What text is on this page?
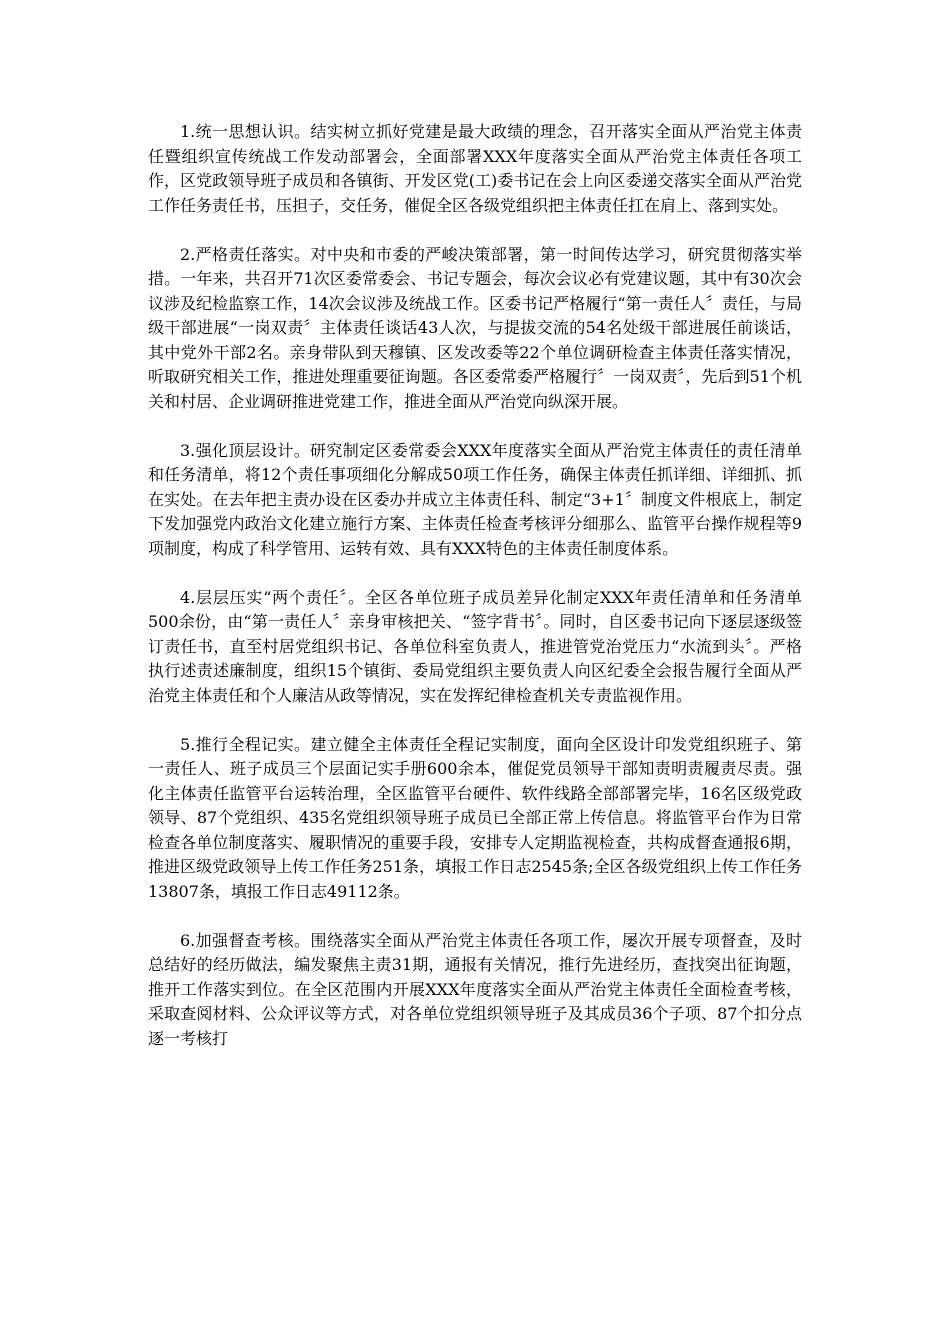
1.统一思想认识。结实树立抓好党建是最大政绩的理念，召开落实全面从严治党主体责任暨组织宣传统战工作发动部署会，全面部署XXX年度落实全面从严治党主体责任各项工作，区党政领导班子成员和各镇街、开发区党(工)委书记在会上向区委递交落实全面从严治党工作任务责任书，压担子，交任务，催促全区各级党组织把主体责任扛在肩上、落到实处。

2.严格责任落实。对中央和市委的严峻决策部署，第一时间传达学习，研究贯彻落实举措。一年来，共召开71次区委常委会、书记专题会，每次会议必有党建议题，其中有30次会议涉及纪检监察工作，14次会议涉及统战工作。区委书记严格履行“第一责任人〞责任，与局级干部进展“一岗双责〞主体责任谈话43人次，与提拔交流的54名处级干部进展任前谈话，其中党外干部2名。亲身带队到天穆镇、区发改委等22个单位调研检查主体责任落实情况，听取研究相关工作，推进处理重要征询题。各区委常委严格履行〞一岗双责〞，先后到51个机关和村居、企业调研推进党建工作，推进全面从严治党向纵深开展。

3.强化顶层设计。研究制定区委常委会XXX年度落实全面从严治党主体责任的责任清单和任务清单，将12个责任事项细化分解成50项工作任务，确保主体责任抓详细、详细抓、抓在实处。在去年把主责办设在区委办并成立主体责任科、制定“3+1〞制度文件根底上，制定下发加强党内政治文化建立施行方案、主体责任检查考核评分细那么、监管平台操作规程等9项制度，构成了科学管用、运转有效、具有XXX特色的主体责任制度体系。

4.层层压实“两个责任〞。全区各单位班子成员差异化制定XXX年责任清单和任务清单500余份，由“第一责任人〞亲身审核把关、“签字背书〞。同时，自区委书记向下逐层逐级签订责任书，直至村居党组织书记、各单位科室负责人，推进管党治党压力“水流到头〞。严格执行述责述廉制度，组织15个镇街、委局党组织主要负责人向区纪委全会报告履行全面从严治党主体责任和个人廉洁从政等情况，实在发挥纪律检查机关专责监视作用。

5.推行全程记实。建立健全主体责任全程记实制度，面向全区设计印发党组织班子、第一责任人、班子成员三个层面记实手册600余本，催促党员领导干部知责明责履责尽责。强化主体责任监管平台运转治理，全区监管平台硬件、软件线路全部部署完毕，16名区级党政领导、87个党组织、435名党组织领导班子成员已全部正常上传信息。将监管平台作为日常检查各单位制度落实、履职情况的重要手段，安排专人定期监视检查，共构成督查通报6期，推进区级党政领导上传工作任务251条，填报工作日志2545条;全区各级党组织上传工作任务13807条，填报工作日志49112条。

6.加强督查考核。围绕落实全面从严治党主体责任各项工作，屡次开展专项督查，及时总结好的经历做法，编发聚焦主责31期，通报有关情况，推行先进经历，查找突出征询题，推开工作落实到位。在全区范围内开展XXX年度落实全面从严治党主体责任全面检查考核，采取查阅材料、公众评议等方式，对各单位党组织领导班子及其成员36个子项、87个扣分点逐一考核打
